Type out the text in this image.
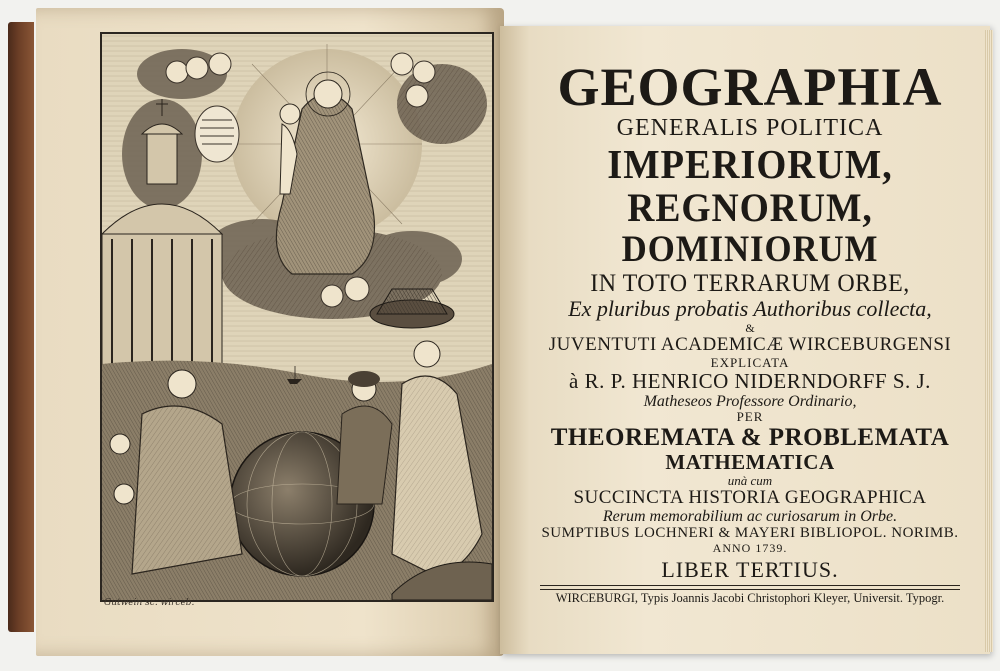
Gutwein sc. wirceb.
GEOGRAPHIA
GENERALIS POLITICA
IMPERIORUM,
REGNORUM,
DOMINIORUM
IN TOTO TERRARUM ORBE,
Ex pluribus probatis Authoribus collecta,
&
JUVENTUTI ACADEMICÆ WIRCEBURGENSI
EXPLICATA
à R. P. HENRICO NIDERNDORFF S. J.
Matheseos Professore Ordinario,
PER
THEOREMATA & PROBLEMATA
MATHEMATICA
unà cum
SUCCINCTA HISTORIA GEOGRAPHICA
Rerum memorabilium ac curiosarum in Orbe.
SUMPTIBUS LOCHNERI & MAYERI BIBLIOPOL. NORIMB.
ANNO 1739.
LIBER TERTIUS.
WIRCEBURGI, Typis Joannis Jacobi Christophori Kleyer, Universit. Typogr.
